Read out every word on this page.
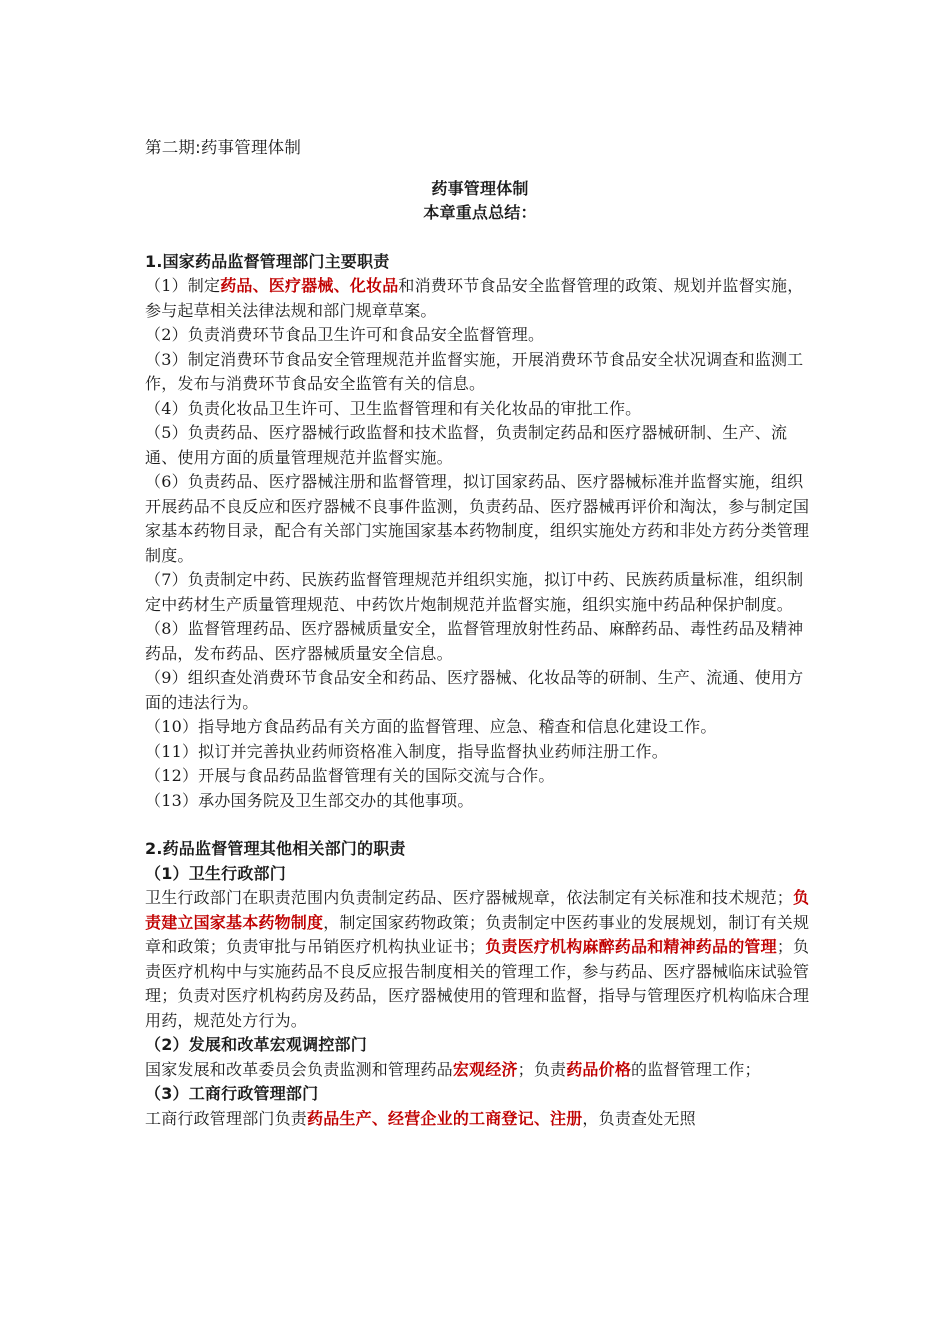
第二期:药事管理体制

药事管理体制

本章重点总结：

1.国家药品监督管理部门主要职责

（1）制定药品、医疗器械、化妆品和消费环节食品安全监督管理的政策、规划并监督实施，参与起草相关法律法规和部门规章草案。

（2）负责消费环节食品卫生许可和食品安全监督管理。

（3）制定消费环节食品安全管理规范并监督实施，开展消费环节食品安全状况调查和监测工作，发布与消费环节食品安全监管有关的信息。

（4）负责化妆品卫生许可、卫生监督管理和有关化妆品的审批工作。

（5）负责药品、医疗器械行政监督和技术监督，负责制定药品和医疗器械研制、生产、流通、使用方面的质量管理规范并监督实施。

（6）负责药品、医疗器械注册和监督管理，拟订国家药品、医疗器械标准并监督实施，组织开展药品不良反应和医疗器械不良事件监测，负责药品、医疗器械再评价和淘汰，参与制定国家基本药物目录，配合有关部门实施国家基本药物制度，组织实施处方药和非处方药分类管理制度。

（7）负责制定中药、民族药监督管理规范并组织实施，拟订中药、民族药质量标准，组织制定中药材生产质量管理规范、中药饮片炮制规范并监督实施，组织实施中药品种保护制度。

（8）监督管理药品、医疗器械质量安全，监督管理放射性药品、麻醉药品、毒性药品及精神药品，发布药品、医疗器械质量安全信息。

（9）组织查处消费环节食品安全和药品、医疗器械、化妆品等的研制、生产、流通、使用方面的违法行为。

（10）指导地方食品药品有关方面的监督管理、应急、稽查和信息化建设工作。

（11）拟订并完善执业药师资格准入制度，指导监督执业药师注册工作。

（12）开展与食品药品监督管理有关的国际交流与合作。

（13）承办国务院及卫生部交办的其他事项。

2.药品监督管理其他相关部门的职责

（1）卫生行政部门

卫生行政部门在职责范围内负责制定药品、医疗器械规章，依法制定有关标准和技术规范；负责建立国家基本药物制度，制定国家药物政策；负责制定中医药事业的发展规划，制订有关规章和政策；负责审批与吊销医疗机构执业证书；负责医疗机构麻醉药品和精神药品的管理；负责医疗机构中与实施药品不良反应报告制度相关的管理工作，参与药品、医疗器械临床试验管理；负责对医疗机构药房及药品，医疗器械使用的管理和监督，指导与管理医疗机构临床合理用药，规范处方行为。

（2）发展和改革宏观调控部门

国家发展和改革委员会负责监测和管理药品宏观经济；负责药品价格的监督管理工作；

（3）工商行政管理部门

工商行政管理部门负责药品生产、经营企业的工商登记、注册，负责查处无照
